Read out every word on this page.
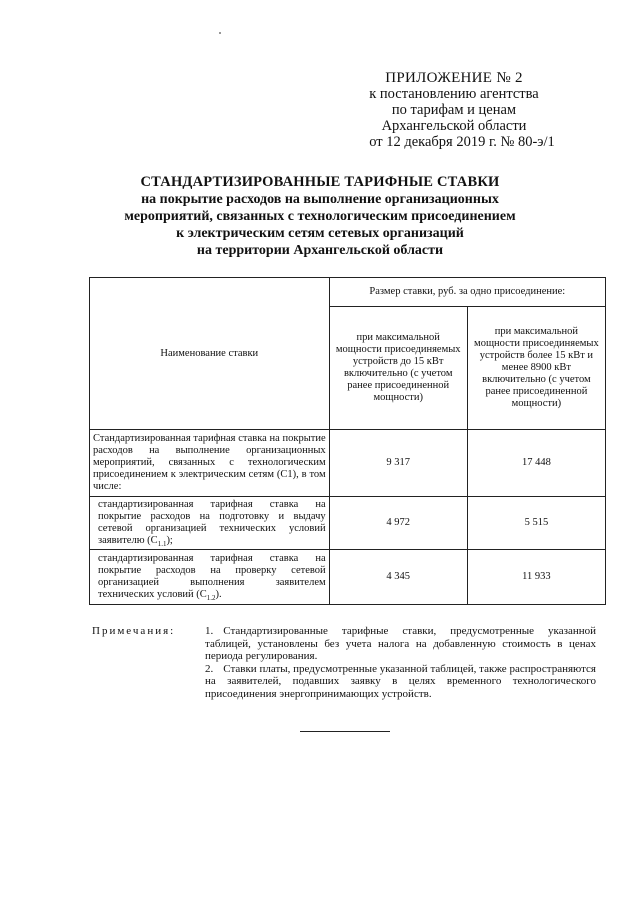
ПРИЛОЖЕНИЕ № 2
к постановлению агентства
по тарифам и ценам
Архангельской области
от 12 декабря 2019 г. № 80-э/1
СТАНДАРТИЗИРОВАННЫЕ ТАРИФНЫЕ СТАВКИ
на покрытие расходов на выполнение организационных
мероприятий, связанных с технологическим присоединением
к электрическим сетям сетевых организаций
на территории Архангельской области
Наименование ставки	Размер ставки, руб. за одно присоединение:	
	при максимальной мощности присоединяемых устройств до 15 кВт включительно (с учетом ранее присоединенной мощности)	при максимальной мощности присоединяемых устройств более 15 кВт и менее 8900 кВт включительно (с учетом ранее присоединенной мощности)
Стандартизированная тарифная ставка на покрытие расходов на выполнение организационных мероприятий, связанных с технологическим присоединением к электрическим сетям (С1), в том числе:	9 317	17 448
стандартизированная тарифная ставка на покрытие расходов на подготовку и выдачу сетевой организацией технических условий заявителю $(С_{1.1})$;	4 972	5 515
стандартизированная тарифная ставка на покрытие расходов на проверку сетевой организацией выполнения заявителем технических условий $(С_{1.2})$.	4 345	11 933
Примечания:	1. Стандартизированные тарифные ставки, предусмотренные указанной таблицей, установлены без учета налога на добавленную стоимость в ценах периода регулирования.
2. Ставки платы, предусмотренные указанной таблицей, также распространяются на заявителей, подавших заявку в целях временного технологического присоединения энергопринимающих устройств.
